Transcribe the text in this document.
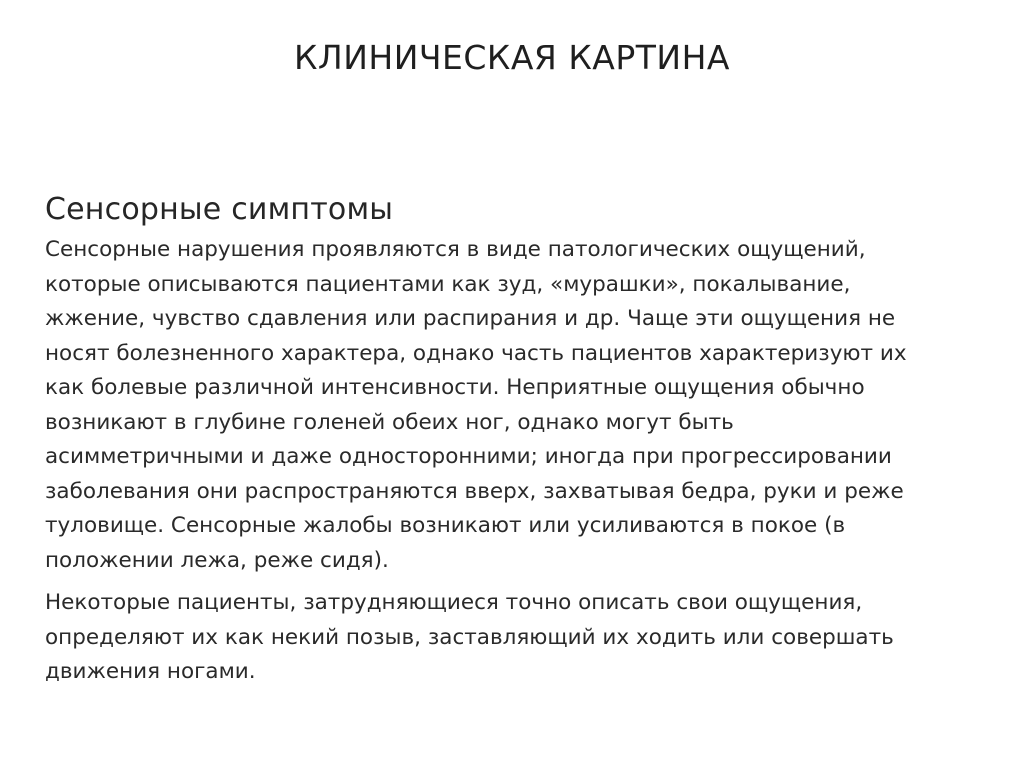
КЛИНИЧЕСКАЯ КАРТИНА
Сенсорные симптомы

Сенсорные нарушения проявляются в виде патологических ощущений,
которые описываются пациентами как зуд, «мурашки», покалывание,
жжение, чувство сдавления или распирания и др. Чаще эти ощущения не
носят болезненного характера, однако часть пациентов характеризуют их
как болевые различной интенсивности. Неприятные ощущения обычно
возникают в глубине голеней обеих ног, однако могут быть
асимметричными и даже односторонними; иногда при прогрессировании
заболевания они распространяются вверх, захватывая бедра, руки и реже
туловище. Сенсорные жалобы возникают или усиливаются в покое (в
положении лежа, реже сидя).

Некоторые пациенты, затрудняющиеся точно описать свои ощущения,
определяют их как некий позыв, заставляющий их ходить или совершать
движения ногами.
